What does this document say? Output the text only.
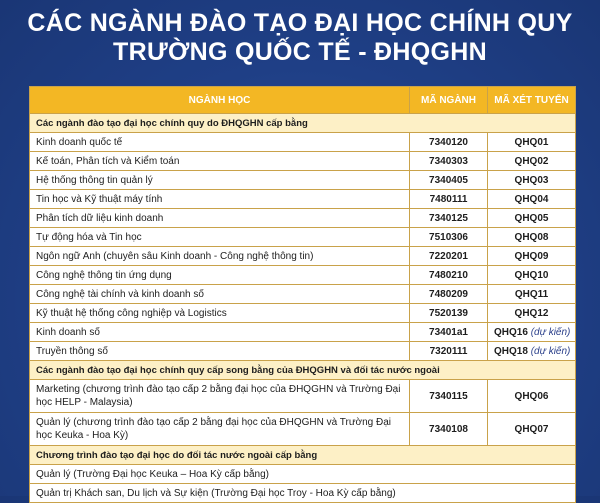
CÁC NGÀNH ĐÀO TẠO ĐẠI HỌC CHÍNH QUY
TRƯỜNG QUỐC TẾ - ĐHQGHN
NGÀNH HỌC	MÃ NGÀNH	MÃ XÉT TUYỂN
Các ngành đào tạo đại học chính quy do ĐHQGHN cấp bằng		
Kinh doanh quốc tế	7340120	QHQ01
Kế toán, Phân tích và Kiểm toán	7340303	QHQ02
Hệ thống thông tin quản lý	7340405	QHQ03
Tin học và Kỹ thuật máy tính	7480111	QHQ04
Phân tích dữ liệu kinh doanh	7340125	QHQ05
Tự động hóa và Tin học	7510306	QHQ08
Ngôn ngữ Anh (chuyên sâu Kinh doanh - Công nghệ thông tin)	7220201	QHQ09
Công nghệ thông tin ứng dụng	7480210	QHQ10
Công nghệ tài chính và kinh doanh số	7480209	QHQ11
Kỹ thuật hệ thống công nghiệp và Logistics	7520139	QHQ12
Kinh doanh số	73401a1	QHQ16 (dự kiến)
Truyền thông số	7320111	QHQ18 (dự kiến)
Các ngành đào tạo đại học chính quy cấp song bằng của ĐHQGHN và đối tác nước ngoài		
Marketing (chương trình đào tạo cấp 2 bằng đại học của ĐHQGHN và Trường Đại học HELP - Malaysia)	7340115	QHQ06
Quản lý (chương trình đào tạo cấp 2 bằng đại học của ĐHQGHN và Trường Đại học Keuka - Hoa Kỳ)	7340108	QHQ07
Chương trình đào tạo đại học do đối tác nước ngoài cấp bằng		
Quản lý (Trường Đại học Keuka – Hoa Kỳ cấp bằng)		
Quản trị Khách san, Du lịch và Sự kiện (Trường Đại học Troy - Hoa Kỳ cấp bằng)		
